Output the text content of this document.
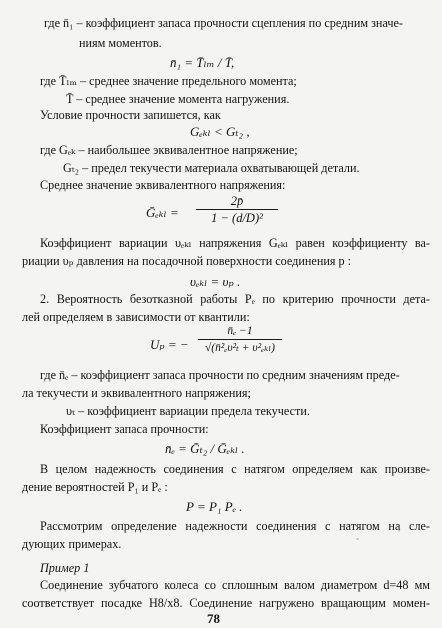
где n̄₁ – коэффициент запаса прочности сцепления по средним значе-
ниям моментов.
n̄₁ = T̄ₗₘ / T̄,
где T̄ₗₘ – среднее значение предельного момента;
T̄ – среднее значение момента нагружения.
Условие прочности запишется, как
Gₑₖₗ < Gₜ₂ ,
где Gₑₖ – наибольшее эквивалентное напряжение;
Gₜ₂ – предел текучести материала охватывающей детали.
Среднее значение эквивалентного напряжения:
Ḡₑₖₗ =
2p̄
1 − (d/D)²
Коэффициент вариации υₑₖₗ напряжения Gₑₖₗ равен коэффициенту ва-
риации υₚ давления на посадочной поверхности соединения p :
υₑₖₗ = υₚ .
2. Вероятность безотказной работы Pₑ по критерию прочности дета-
лей определяем в зависимости от квантили:
Uₚ = −
n̄ₑ −1
√(n̄²ₑυ²ₜ + υ²ₑₖₗ)
где n̄ₑ – коэффициент запаса прочности по средним значениям преде-
ла текучести и эквивалентного напряжения;
υₜ – коэффициент вариации предела текучести.
Коэффициент запаса прочности:
n̄ₑ = Ḡₜ₂ / Ḡₑₖₗ .
В целом надежность соединения с натягом определяем как произве-
дение вероятностей P₁ и Pₑ :
P = P₁ Pₑ .
Рассмотрим определение надежности соединения с натягом на сле-
дующих примерах.
Пример 1
Соединение зубчатого колеса со сплошным валом диаметром d=48 мм
соответствует посадке H8/x8. Соединение нагружено вращающим момен-
78
